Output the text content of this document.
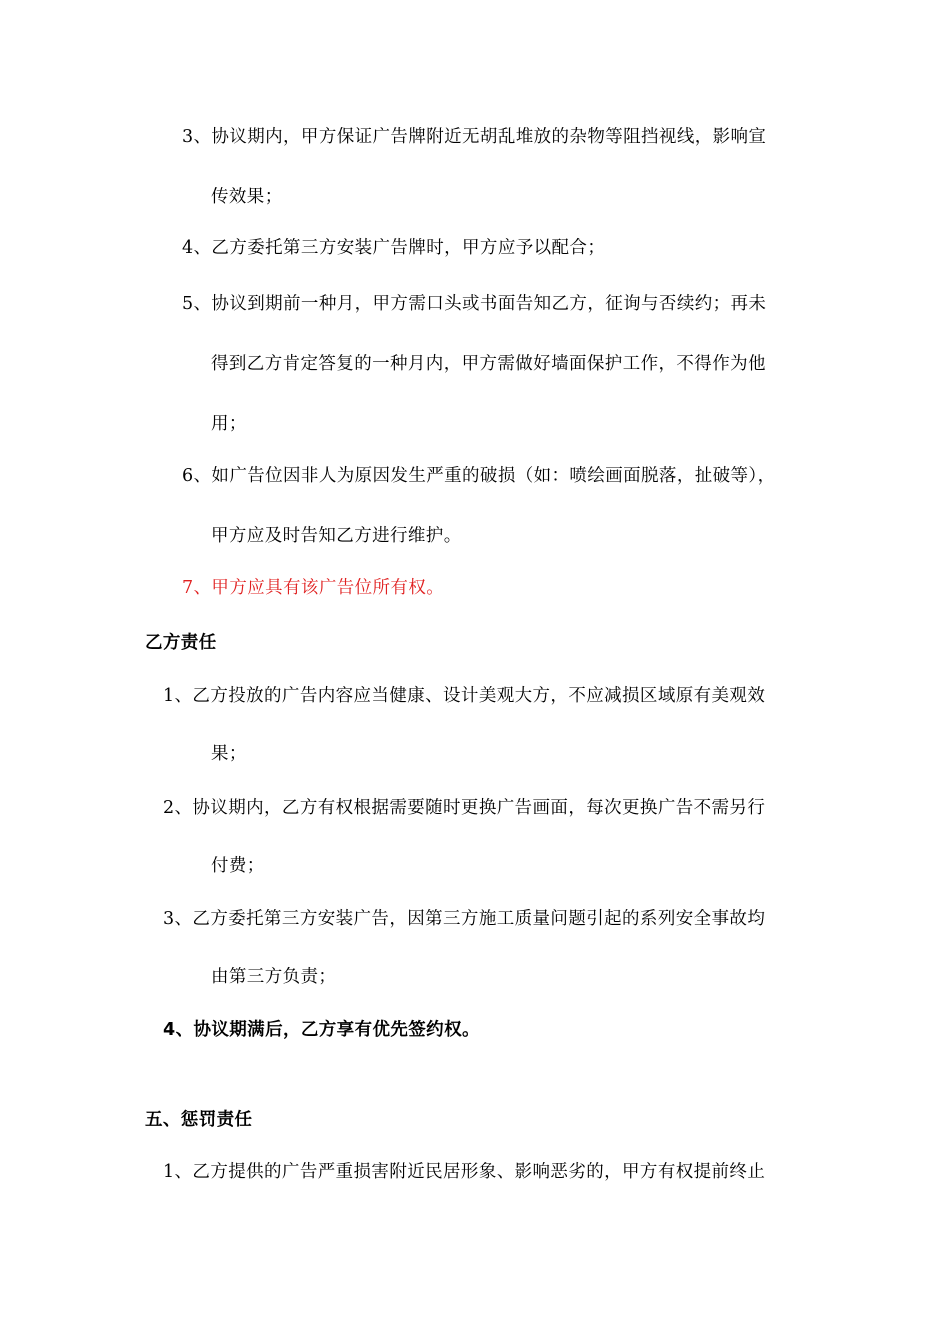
3、协议期内，甲方保证广告牌附近无胡乱堆放的杂物等阻挡视线，影响宣
传效果；
4、乙方委托第三方安装广告牌时，甲方应予以配合；
5、协议到期前一种月，甲方需口头或书面告知乙方，征询与否续约；再未
得到乙方肯定答复的一种月内，甲方需做好墙面保护工作，不得作为他
用；
6、如广告位因非人为原因发生严重的破损（如：喷绘画面脱落，扯破等），
甲方应及时告知乙方进行维护。
7、甲方应具有该广告位所有权。
乙方责任
1、乙方投放的广告内容应当健康、设计美观大方，不应减损区域原有美观效
果；
2、协议期内，乙方有权根据需要随时更换广告画面，每次更换广告不需另行
付费；
3、乙方委托第三方安装广告，因第三方施工质量问题引起的系列安全事故均
由第三方负责；
4、协议期满后，乙方享有优先签约权。
五、惩罚责任
1、乙方提供的广告严重损害附近民居形象、影响恶劣的，甲方有权提前终止
